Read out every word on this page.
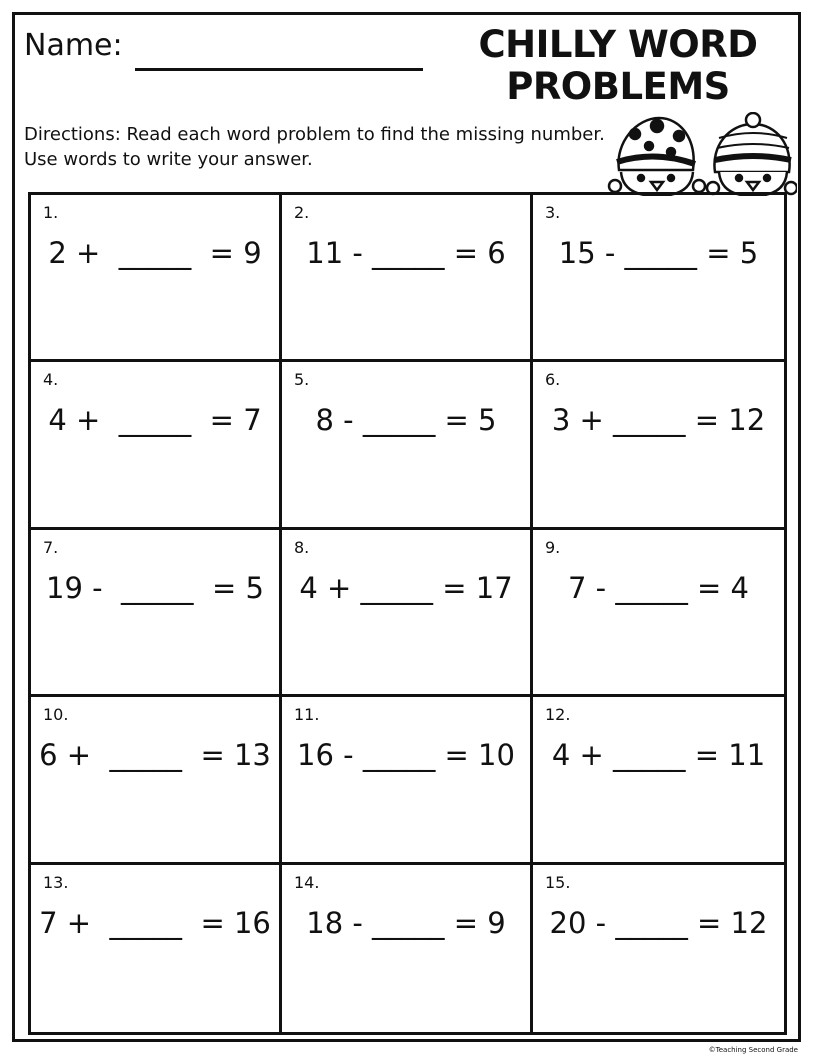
Name:	CHILLY WORD
PROBLEMS
Directions: Read each word problem to find the missing number. Use words to write your answer.
1.
2 +  _____  = 9
2.
11 - _____ = 6
3.
15 - _____ = 5
4.
4 +  _____  = 7
5.
8 - _____ = 5
6.
3 + _____ = 12
7.
19 -  _____  = 5
8.
4 + _____ = 17
9.
7 - _____ = 4
10.
6 +  _____  = 13
11.
16 - _____ = 10
12.
4 + _____ = 11
13.
7 +  _____  = 16
14.
18 - _____ = 9
15.
20 - _____ = 12
©Teaching Second Grade
